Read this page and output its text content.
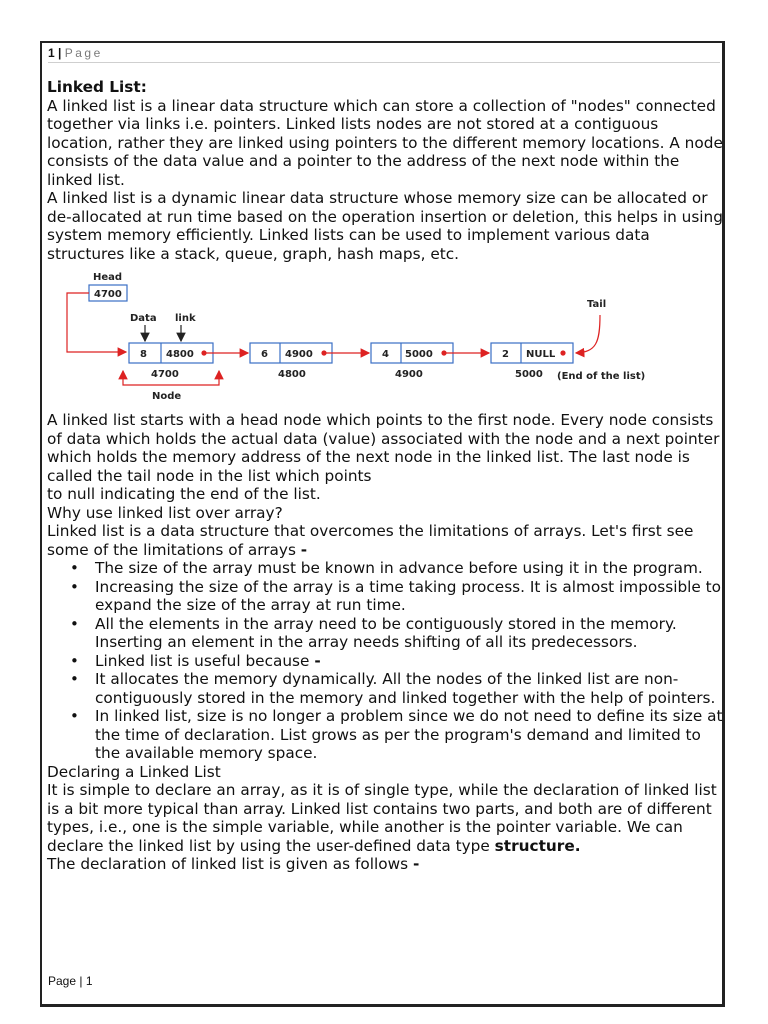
1 | Page

Linked List:

A linked list is a linear data structure which can store a collection of "nodes" connected together via links i.e. pointers. Linked lists nodes are not stored at a contiguous location, rather they are linked using pointers to the different memory locations. A node consists of the data value and a pointer to the address of the next node within the linked list.

A linked list is a dynamic linear data structure whose memory size can be allocated or de-allocated at run time based on the operation insertion or deletion, this helps in using system memory efficiently. Linked lists can be used to implement various data structures like a stack, queue, graph, hash maps, etc.

Head
4700
Data link
8 4800
4700
Node
6 4900
4800
4 5000
4900
2 NULL
5000 (End of the list)
Tail

A linked list starts with a head node which points to the first node. Every node consists of data which holds the actual data (value) associated with the node and a next pointer which holds the memory address of the next node in the linked list. The last node is called the tail node in the list which points

to null indicating the end of the list.

Why use linked list over array?

Linked list is a data structure that overcomes the limitations of arrays. Let's first see some of the limitations of arrays -

• The size of the array must be known in advance before using it in the program.
• Increasing the size of the array is a time taking process. It is almost impossible to expand the size of the array at run time.
• All the elements in the array need to be contiguously stored in the memory. Inserting an element in the array needs shifting of all its predecessors.
• Linked list is useful because -
• It allocates the memory dynamically. All the nodes of the linked list are non-contiguously stored in the memory and linked together with the help of pointers.
• In linked list, size is no longer a problem since we do not need to define its size at the time of declaration. List grows as per the program's demand and limited to the available memory space.

Declaring a Linked List

It is simple to declare an array, as it is of single type, while the declaration of linked list is a bit more typical than array. Linked list contains two parts, and both are of different types, i.e., one is the simple variable, while another is the pointer variable. We can declare the linked list by using the user-defined data type structure.

The declaration of linked list is given as follows -

Page | 1
